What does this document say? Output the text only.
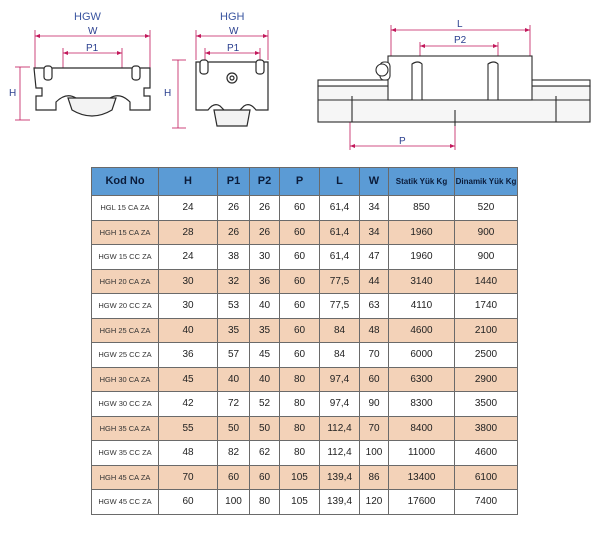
HGW	HGH
W
P1
H
W
P1
H
L
P2
P
Kod No	H	P1	P2	P	L	W	Statik Yük Kg	Dinamik Yük Kg
HGL 15 CA ZA	24	26	26	60	61,4	34	850	520
HGH 15 CA ZA	28	26	26	60	61,4	34	1960	900
HGW 15 CC ZA	24	38	30	60	61,4	47	1960	900
HGH 20 CA ZA	30	32	36	60	77,5	44	3140	1440
HGW 20 CC ZA	30	53	40	60	77,5	63	4110	1740
HGH 25 CA ZA	40	35	35	60	84	48	4600	2100
HGW 25 CC ZA	36	57	45	60	84	70	6000	2500
HGH 30 CA ZA	45	40	40	80	97,4	60	6300	2900
HGW 30 CC ZA	42	72	52	80	97,4	90	8300	3500
HGH 35 CA ZA	55	50	50	80	112,4	70	8400	3800
HGW 35 CC ZA	48	82	62	80	112,4	100	11000	4600
HGH 45 CA ZA	70	60	60	105	139,4	86	13400	6100
HGW 45 CC ZA	60	100	80	105	139,4	120	17600	7400
